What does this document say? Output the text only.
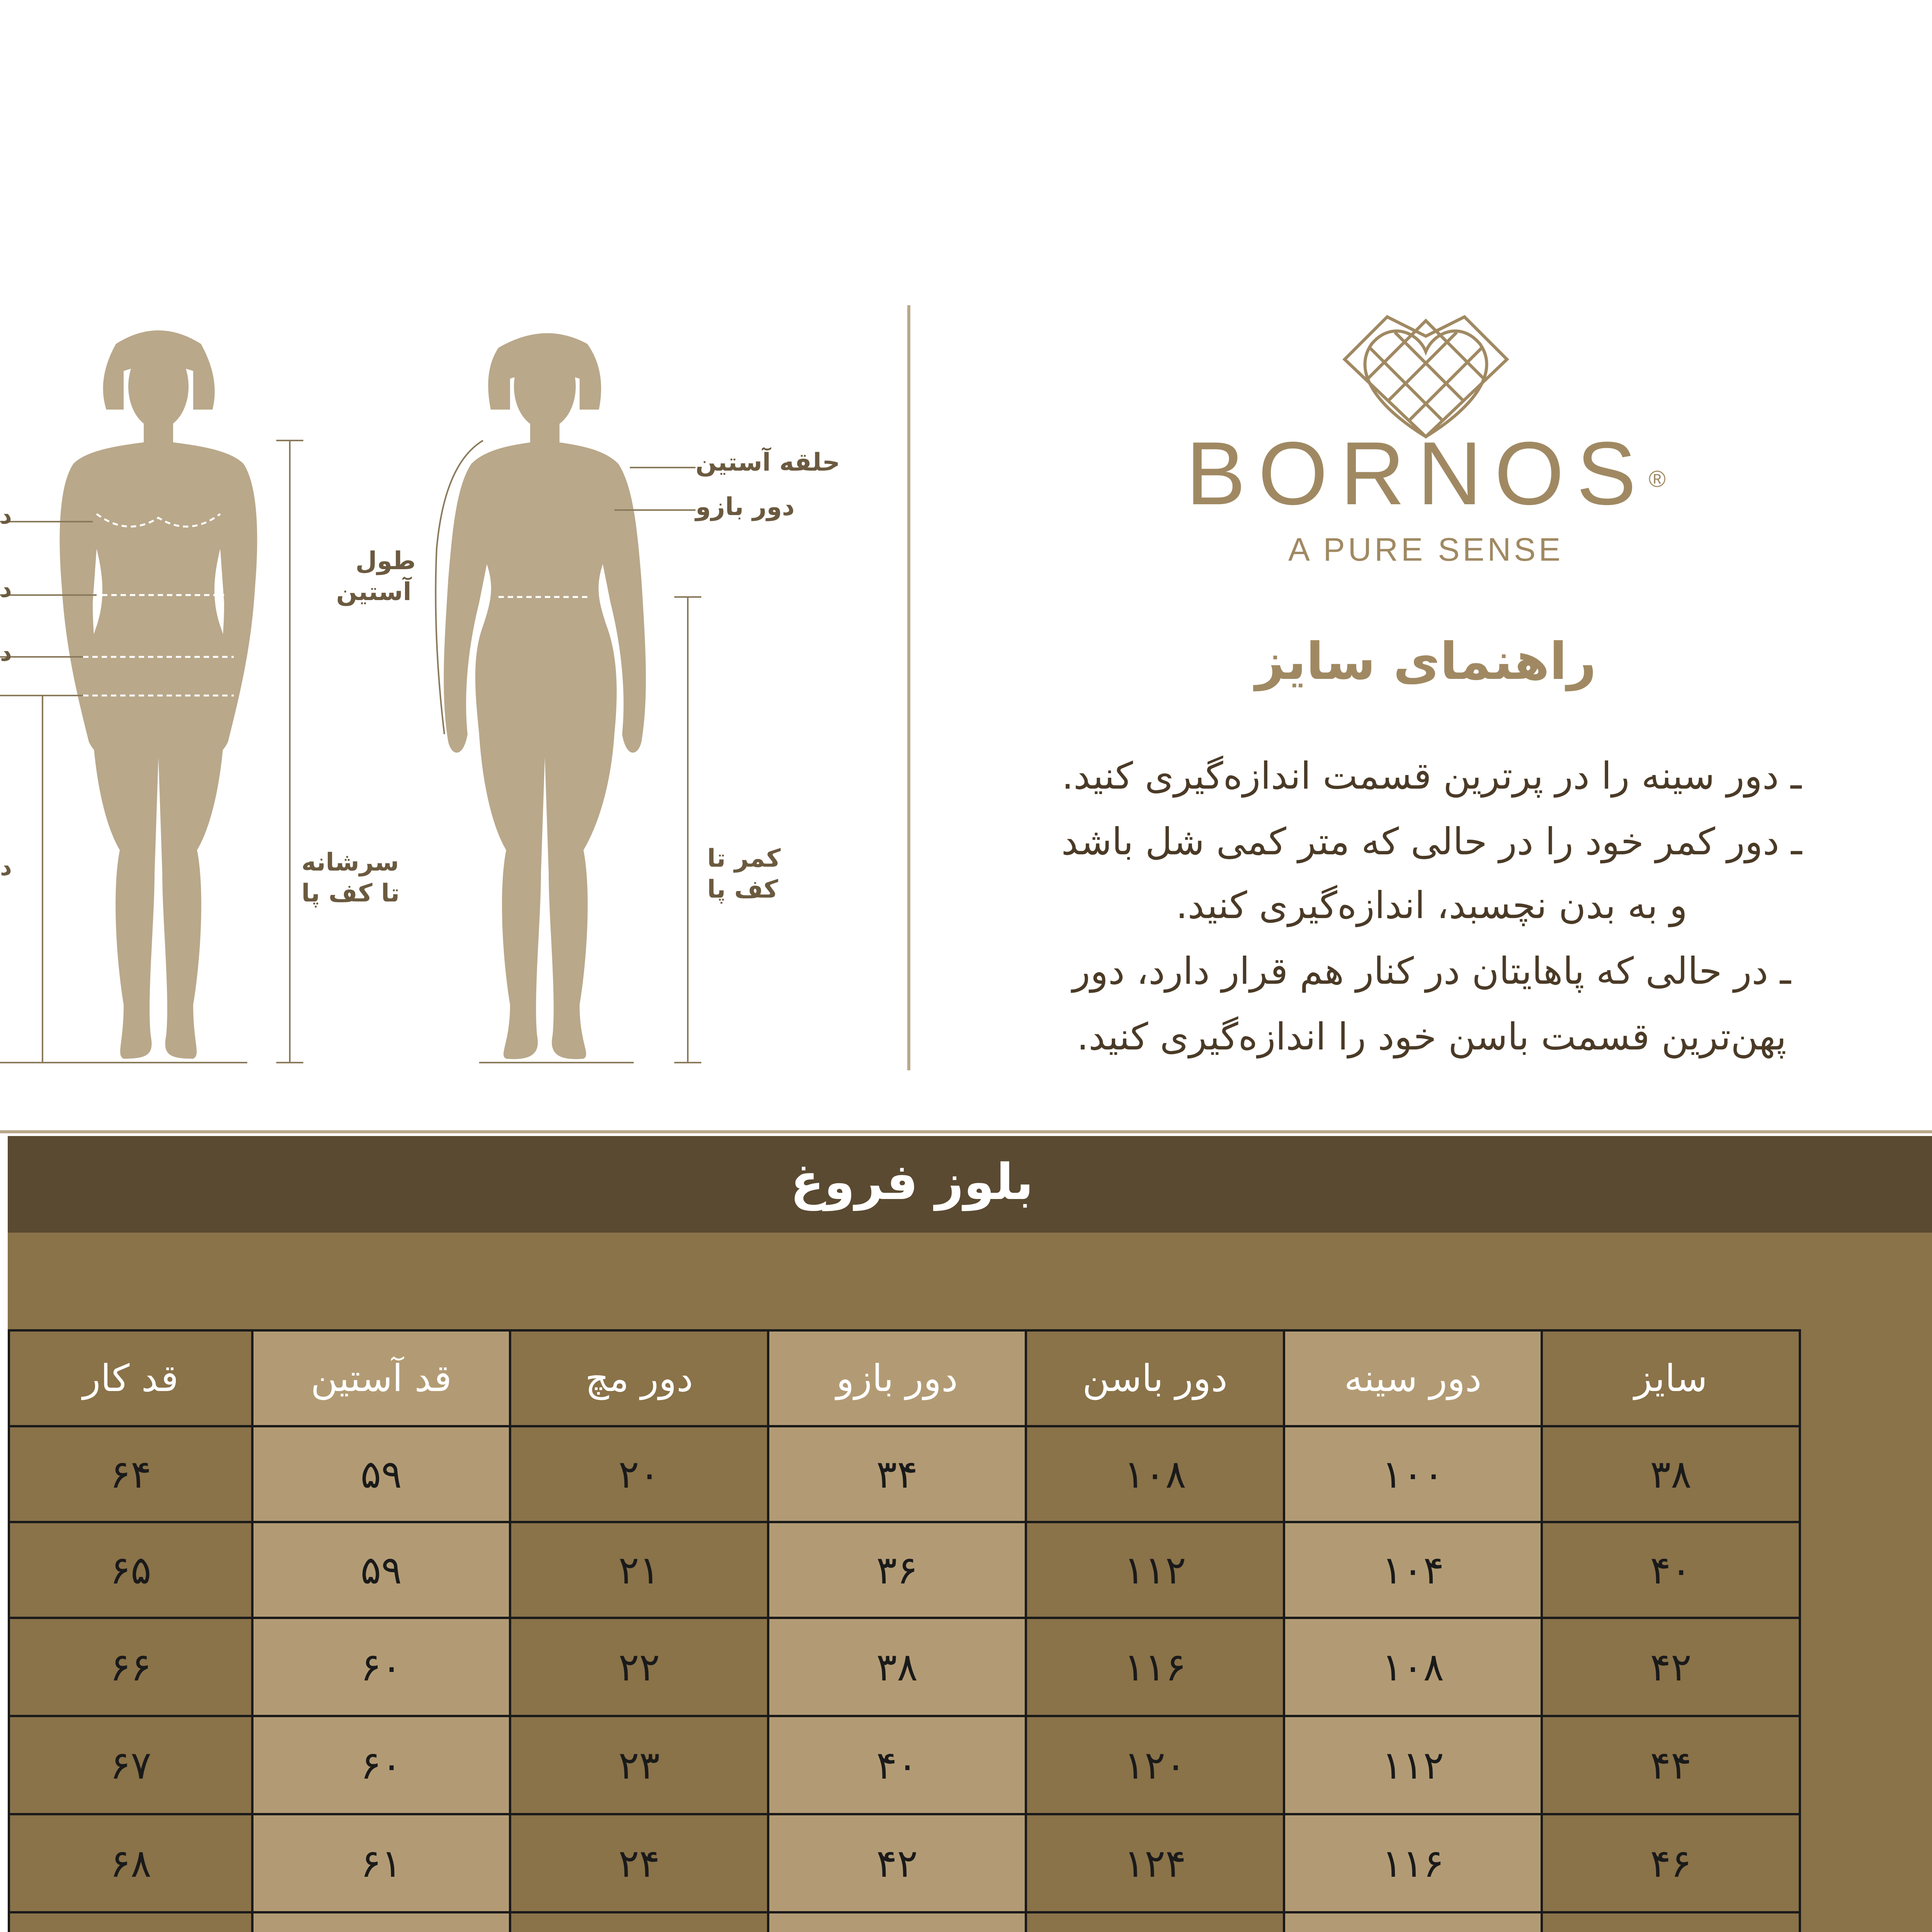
حلقه آستین
دور بازو
طول
آستین
کمر تا
کف پا
سرشانه
تا کف پا
د
د
د
د
BORNOS®
A PURE SENSE
راهنمای سایز
ـ دور سینه را در پرترین قسمت اندازه‌گیری کنید.
ـ دور کمر خود را در حالی که متر کمی شل باشد
و به بدن نچسبد، اندازه‌گیری کنید.
ـ در حالی که پاهایتان در کنار هم قرار دارد، دور
پهن‌ترین قسمت باسن خود را اندازه‌گیری کنید.
بلوز فروغ
سایز
دور سینه
دور باسن
دور بازو
دور مچ
قد آستین
قد کار
۳۸
۱۰۰
۱۰۸
۳۴
۲۰
۵۹
۶۴
۴۰
۱۰۴
۱۱۲
۳۶
۲۱
۵۹
۶۵
۴۲
۱۰۸
۱۱۶
۳۸
۲۲
۶۰
۶۶
۴۴
۱۱۲
۱۲۰
۴۰
۲۳
۶۰
۶۷
۴۶
۱۱۶
۱۲۴
۴۲
۲۴
۶۱
۶۸
